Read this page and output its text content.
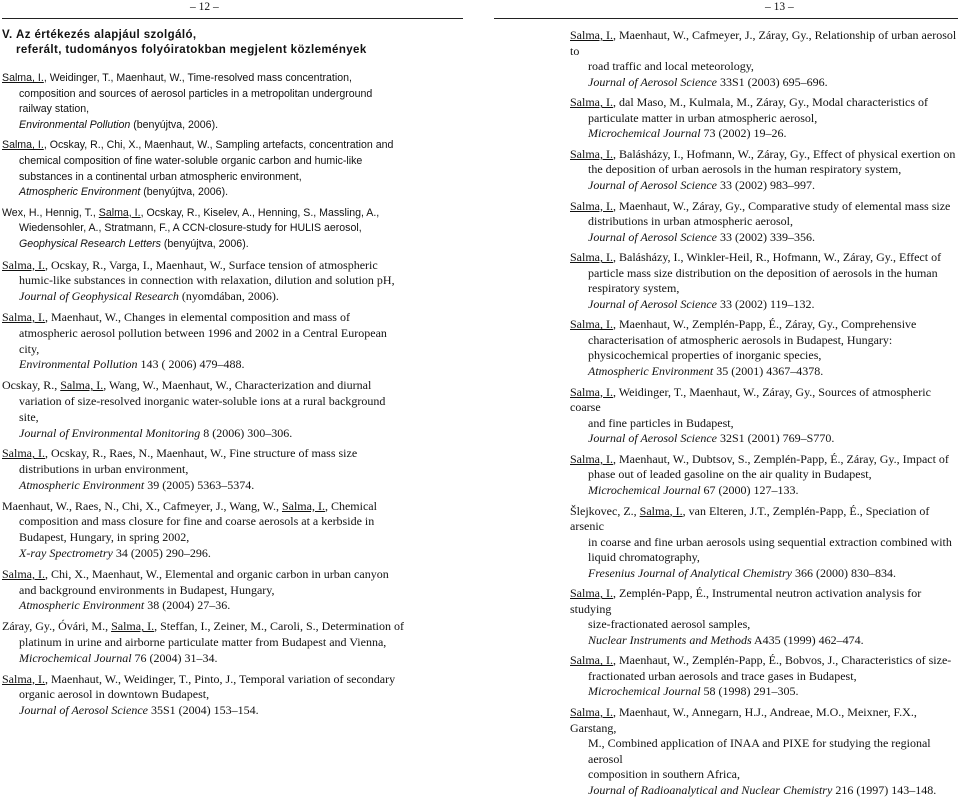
– 12 –	– 13 –
V. Az értékezés alapjául szolgáló,
referált, tudományos folyóiratokban megjelent közlemények
Salma, I., Weidinger, T., Maenhaut, W., Time-resolved mass concentration,
composition and sources of aerosol particles in a metropolitan underground
railway station,
Environmental Pollution (benyújtva, 2006).
Salma, I., Ocskay, R., Chi, X., Maenhaut, W., Sampling artefacts, concentration and
chemical composition of fine water-soluble organic carbon and humic-like
substances in a continental urban atmospheric environment,
Atmospheric Environment (benyújtva, 2006).
Wex, H., Hennig, T., Salma, I., Ocskay, R., Kiselev, A., Henning, S., Massling, A.,
Wiedensohler, A., Stratmann, F., A CCN-closure-study for HULIS aerosol,
Geophysical Research Letters (benyújtva, 2006).
Salma, I., Ocskay, R., Varga, I., Maenhaut, W., Surface tension of atmospheric
humic-like substances in connection with relaxation, dilution and solution pH,
Journal of Geophysical Research (nyomdában, 2006).
Salma, I., Maenhaut, W., Changes in elemental composition and mass of
atmospheric aerosol pollution between 1996 and 2002 in a Central European
city,
Environmental Pollution 143 ( 2006) 479–488.
Ocskay, R., Salma, I., Wang, W., Maenhaut, W., Characterization and diurnal
variation of size-resolved inorganic water-soluble ions at a rural background
site,
Journal of Environmental Monitoring 8 (2006) 300–306.
Salma, I., Ocskay, R., Raes, N., Maenhaut, W., Fine structure of mass size
distributions in urban environment,
Atmospheric Environment 39 (2005) 5363–5374.
Maenhaut, W., Raes, N., Chi, X., Cafmeyer, J., Wang, W., Salma, I., Chemical
composition and mass closure for fine and coarse aerosols at a kerbside in
Budapest, Hungary, in spring 2002,
X-ray Spectrometry 34 (2005) 290–296.
Salma, I., Chi, X., Maenhaut, W., Elemental and organic carbon in urban canyon
and background environments in Budapest, Hungary,
Atmospheric Environment 38 (2004) 27–36.
Záray, Gy., Óvári, M., Salma, I., Steffan, I., Zeiner, M., Caroli, S., Determination of
platinum in urine and airborne particulate matter from Budapest and Vienna,
Microchemical Journal 76 (2004) 31–34.
Salma, I., Maenhaut, W., Weidinger, T., Pinto, J., Temporal variation of secondary
organic aerosol in downtown Budapest,
Journal of Aerosol Science 35S1 (2004) 153–154.
Salma, I., Maenhaut, W., Cafmeyer, J., Záray, Gy., Relationship of urban aerosol to
road traffic and local meteorology,
Journal of Aerosol Science 33S1 (2003) 695–696.
Salma, I., dal Maso, M., Kulmala, M., Záray, Gy., Modal characteristics of
particulate matter in urban atmospheric aerosol,
Microchemical Journal 73 (2002) 19–26.
Salma, I., Balásházy, I., Hofmann, W., Záray, Gy., Effect of physical exertion on
the deposition of urban aerosols in the human respiratory system,
Journal of Aerosol Science 33 (2002) 983–997.
Salma, I., Maenhaut, W., Záray, Gy., Comparative study of elemental mass size
distributions in urban atmospheric aerosol,
Journal of Aerosol Science 33 (2002) 339–356.
Salma, I., Balásházy, I., Winkler-Heil, R., Hofmann, W., Záray, Gy., Effect of
particle mass size distribution on the deposition of aerosols in the human
respiratory system,
Journal of Aerosol Science 33 (2002) 119–132.
Salma, I., Maenhaut, W., Zemplén-Papp, É., Záray, Gy., Comprehensive
characterisation of atmospheric aerosols in Budapest, Hungary:
physicochemical properties of inorganic species,
Atmospheric Environment 35 (2001) 4367–4378.
Salma, I., Weidinger, T., Maenhaut, W., Záray, Gy., Sources of atmospheric coarse
and fine particles in Budapest,
Journal of Aerosol Science 32S1 (2001) 769–S770.
Salma, I., Maenhaut, W., Dubtsov, S., Zemplén-Papp, É., Záray, Gy., Impact of
phase out of leaded gasoline on the air quality in Budapest,
Microchemical Journal 67 (2000) 127–133.
Šlejkovec, Z., Salma, I., van Elteren, J.T., Zemplén-Papp, É., Speciation of arsenic
in coarse and fine urban aerosols using sequential extraction combined with
liquid chromatography,
Fresenius Journal of Analytical Chemistry 366 (2000) 830–834.
Salma, I., Zemplén-Papp, É., Instrumental neutron activation analysis for studying
size-fractionated aerosol samples,
Nuclear Instruments and Methods A435 (1999) 462–474.
Salma, I., Maenhaut, W., Zemplén-Papp, É., Bobvos, J., Characteristics of size-
fractionated urban aerosols and trace gases in Budapest,
Microchemical Journal 58 (1998) 291–305.
Salma, I., Maenhaut, W., Annegarn, H.J., Andreae, M.O., Meixner, F.X., Garstang,
M., Combined application of INAA and PIXE for studying the regional aerosol
composition in southern Africa,
Journal of Radioanalytical and Nuclear Chemistry 216 (1997) 143–148.
